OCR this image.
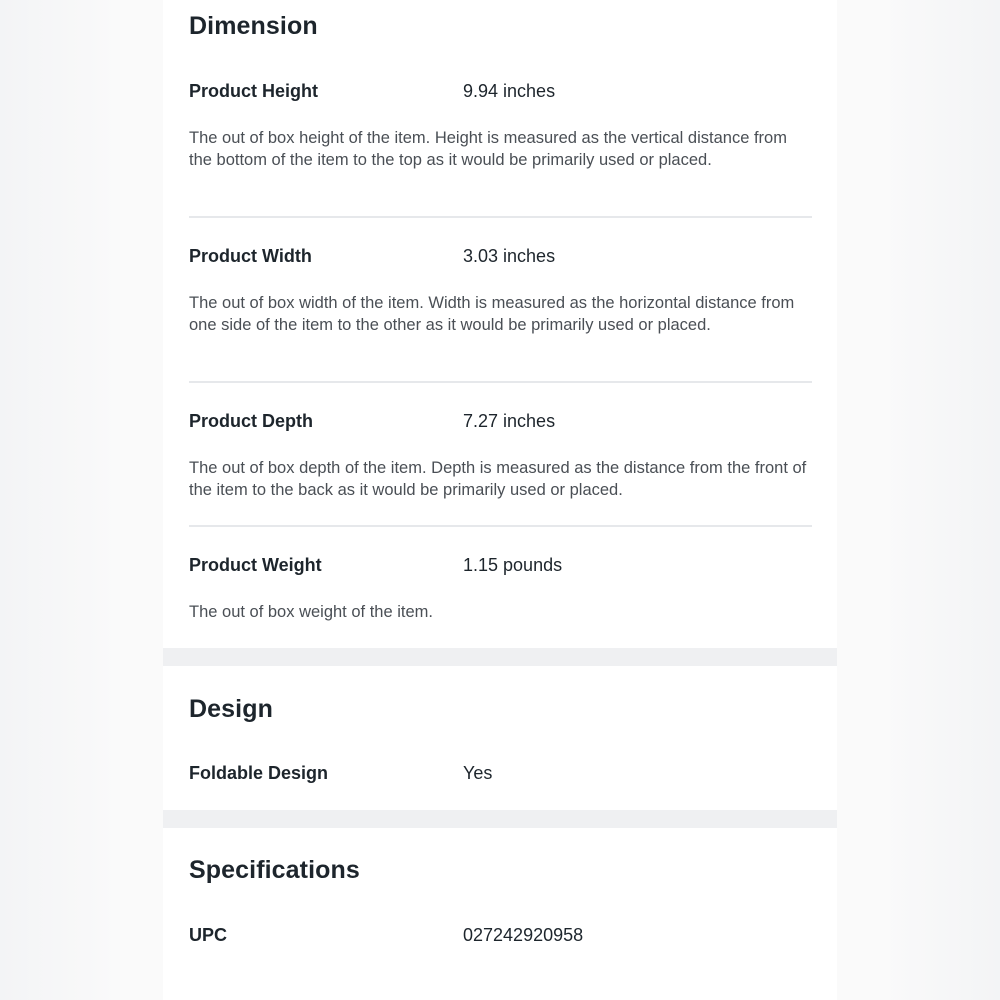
Dimension
Product Height	9.94 inches

The out of box height of the item. Height is measured as the vertical distance from the bottom of the item to the top as it would be primarily used or placed.

Product Width	3.03 inches

The out of box width of the item. Width is measured as the horizontal distance from one side of the item to the other as it would be primarily used or placed.

Product Depth	7.27 inches

The out of box depth of the item. Depth is measured as the distance from the front of the item to the back as it would be primarily used or placed.

Product Weight	1.15 pounds

The out of box weight of the item.

Design
Foldable Design	Yes
Specifications
UPC	027242920958
